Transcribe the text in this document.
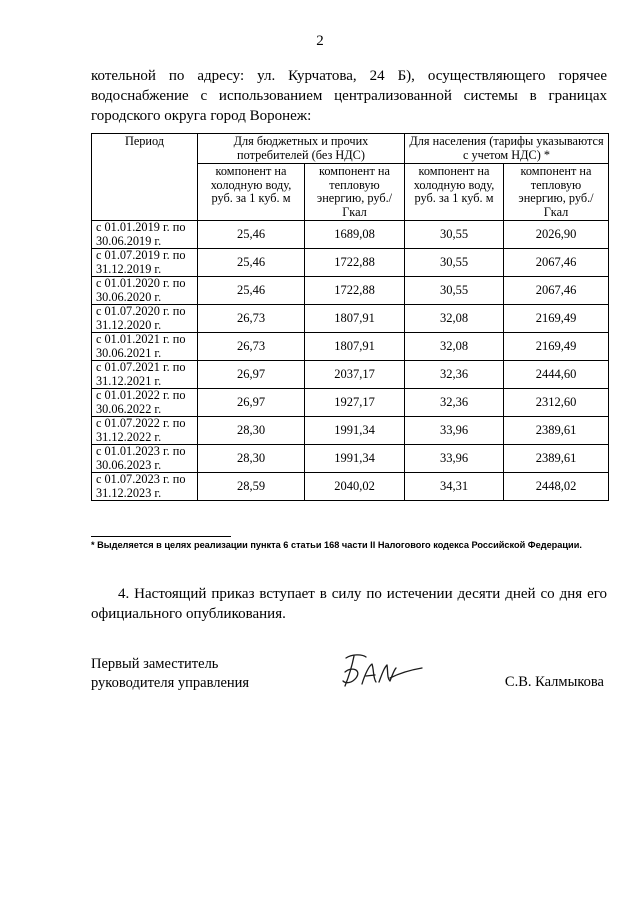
2
котельной по адресу: ул. Курчатова, 24 Б), осуществляющего горячее
водоснабжение с использованием централизованной системы в границах
городского округа город Воронеж:
Период	Для бюджетных и прочих потребителей (без НДС)		Для населения (тарифы указываются с учетом НДС) *	
	компонент на холодную воду, руб. за 1 куб. м	компонент на тепловую энергию, руб./Гкал	компонент на холодную воду, руб. за 1 куб. м	компонент на тепловую энергию, руб./Гкал
с 01.01.2019 г. по 30.06.2019 г.	25,46	1689,08	30,55	2026,90
с 01.07.2019 г. по 31.12.2019 г.	25,46	1722,88	30,55	2067,46
с 01.01.2020 г. по 30.06.2020 г.	25,46	1722,88	30,55	2067,46
с 01.07.2020 г. по 31.12.2020 г.	26,73	1807,91	32,08	2169,49
с 01.01.2021 г. по 30.06.2021 г.	26,73	1807,91	32,08	2169,49
с 01.07.2021 г. по 31.12.2021 г.	26,97	2037,17	32,36	2444,60
с 01.01.2022 г. по 30.06.2022 г.	26,97	1927,17	32,36	2312,60
с 01.07.2022 г. по 31.12.2022 г.	28,30	1991,34	33,96	2389,61
с 01.01.2023 г. по 30.06.2023 г.	28,30	1991,34	33,96	2389,61
с 01.07.2023 г. по 31.12.2023 г.	28,59	2040,02	34,31	2448,02
* Выделяется в целях реализации пункта 6 статьи 168 части II Налогового кодекса Российской Федерации.
4. Настоящий приказ вступает в силу по истечении десяти дней со дня его
официального опубликования.
Первый заместитель
руководителя управления	С.В. Калмыкова
